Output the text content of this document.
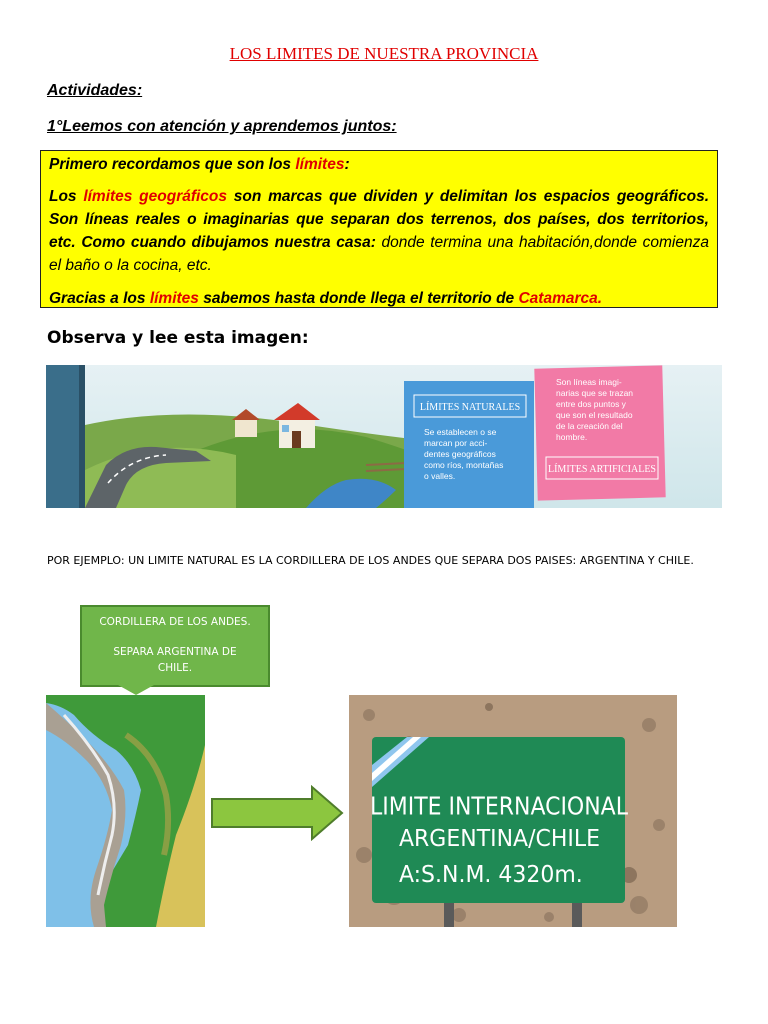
LOS LIMITES DE NUESTRA PROVINCIA
Actividades:
1°Leemos con atención y aprendemos juntos:

Primero recordamos que son los límites:

Los límites geográficos son marcas que dividen y delimitan los espacios geográficos. Son líneas reales o imaginarias que separan dos terrenos, dos países, dos territorios, etc. Como cuando dibujamos nuestra casa: donde termina una habitación,donde comienza el baño o la cocina, etc.

Gracias a los límites sabemos hasta donde llega el territorio de Catamarca.

Observa y lee esta imagen:
LÍMITES NATURALES
Se establecen o se
marcan por acci-
dentes geográficos
como ríos, montañas
o valles.
Son líneas imagi-
narias que se trazan
entre dos puntos y
que son el resultado
de la creación del
hombre.
LÍMITES ARTIFICIALES
POR EJEMPLO: UN LIMITE NATURAL ES LA CORDILLERA DE LOS ANDES QUE SEPARA DOS PAISES: ARGENTINA Y CHILE.
CORDILLERA DE LOS ANDES.
SEPARA ARGENTINA DE
CHILE.
LIMITE INTERNACIONAL
ARGENTINA/CHILE
A:S.N.M. 4320m.
